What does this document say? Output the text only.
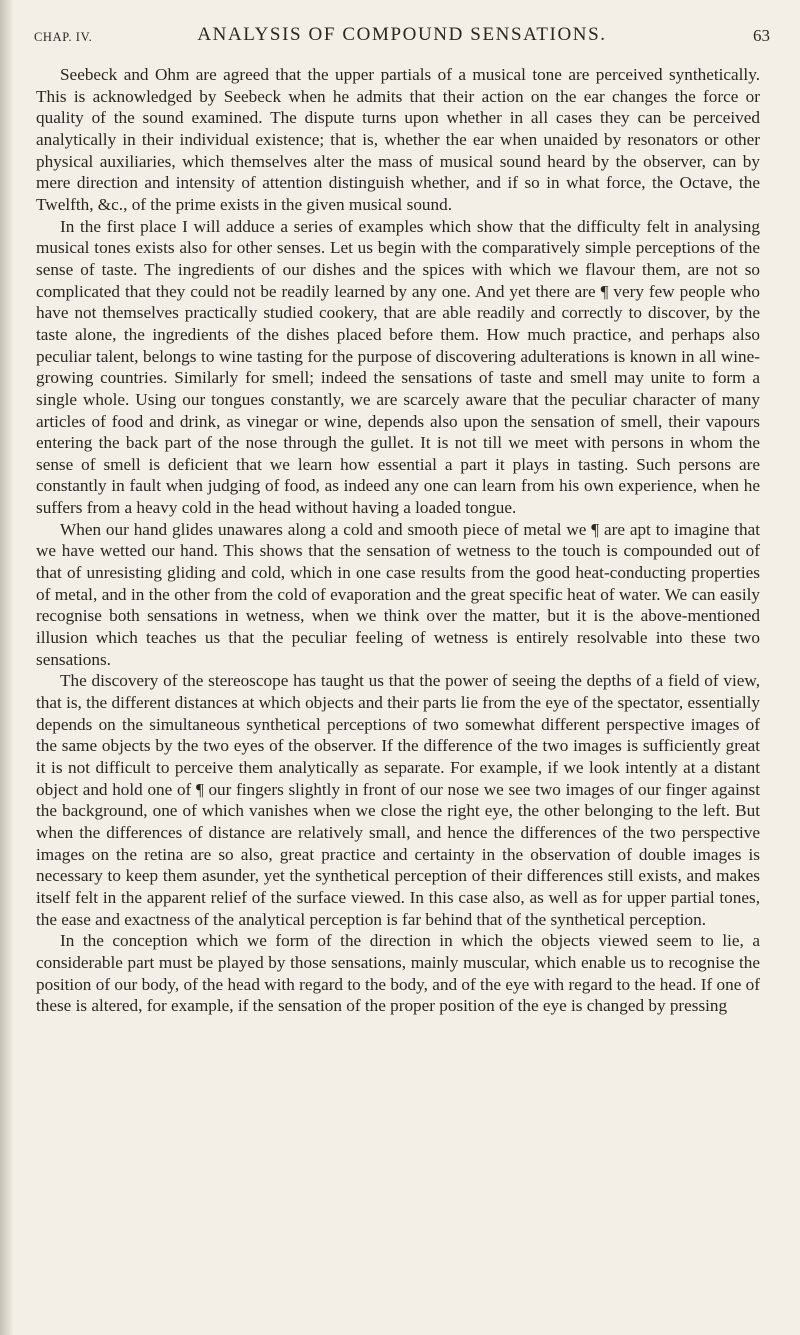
CHAP. IV.	ANALYSIS OF COMPOUND SENSATIONS.	63

Seebeck and Ohm are agreed that the upper partials of a musical tone are perceived synthetically. This is acknowledged by Seebeck when he admits that their action on the ear changes the force or quality of the sound examined. The dispute turns upon whether in all cases they can be perceived analytically in their individual existence; that is, whether the ear when unaided by resonators or other physical auxiliaries, which themselves alter the mass of musical sound heard by the observer, can by mere direction and intensity of attention distinguish whether, and if so in what force, the Octave, the Twelfth, &c., of the prime exists in the given musical sound.

In the first place I will adduce a series of examples which show that the difficulty felt in analysing musical tones exists also for other senses. Let us begin with the comparatively simple perceptions of the sense of taste. The ingredients of our dishes and the spices with which we flavour them, are not so complicated that they could not be readily learned by any one. And yet there are ¶ very few people who have not themselves practically studied cookery, that are able readily and correctly to discover, by the taste alone, the ingredients of the dishes placed before them. How much practice, and perhaps also peculiar talent, belongs to wine tasting for the purpose of discovering adulterations is known in all wine-growing countries. Similarly for smell; indeed the sensations of taste and smell may unite to form a single whole. Using our tongues constantly, we are scarcely aware that the peculiar character of many articles of food and drink, as vinegar or wine, depends also upon the sensation of smell, their vapours entering the back part of the nose through the gullet. It is not till we meet with persons in whom the sense of smell is deficient that we learn how essential a part it plays in tasting. Such persons are constantly in fault when judging of food, as indeed any one can learn from his own experience, when he suffers from a heavy cold in the head without having a loaded tongue.

When our hand glides unawares along a cold and smooth piece of metal we ¶ are apt to imagine that we have wetted our hand. This shows that the sensation of wetness to the touch is compounded out of that of unresisting gliding and cold, which in one case results from the good heat-conducting properties of metal, and in the other from the cold of evaporation and the great specific heat of water. We can easily recognise both sensations in wetness, when we think over the matter, but it is the above-mentioned illusion which teaches us that the peculiar feeling of wetness is entirely resolvable into these two sensations.

The discovery of the stereoscope has taught us that the power of seeing the depths of a field of view, that is, the different distances at which objects and their parts lie from the eye of the spectator, essentially depends on the simultaneous synthetical perceptions of two somewhat different perspective images of the same objects by the two eyes of the observer. If the difference of the two images is sufficiently great it is not difficult to perceive them analytically as separate. For example, if we look intently at a distant object and hold one of ¶ our fingers slightly in front of our nose we see two images of our finger against the background, one of which vanishes when we close the right eye, the other belonging to the left. But when the differences of distance are relatively small, and hence the differences of the two perspective images on the retina are so also, great practice and certainty in the observation of double images is necessary to keep them asunder, yet the synthetical perception of their differences still exists, and makes itself felt in the apparent relief of the surface viewed. In this case also, as well as for upper partial tones, the ease and exactness of the analytical perception is far behind that of the synthetical perception.

In the conception which we form of the direction in which the objects viewed seem to lie, a considerable part must be played by those sensations, mainly muscular, which enable us to recognise the position of our body, of the head with regard to the body, and of the eye with regard to the head. If one of these is altered, for example, if the sensation of the proper position of the eye is changed by pressing
